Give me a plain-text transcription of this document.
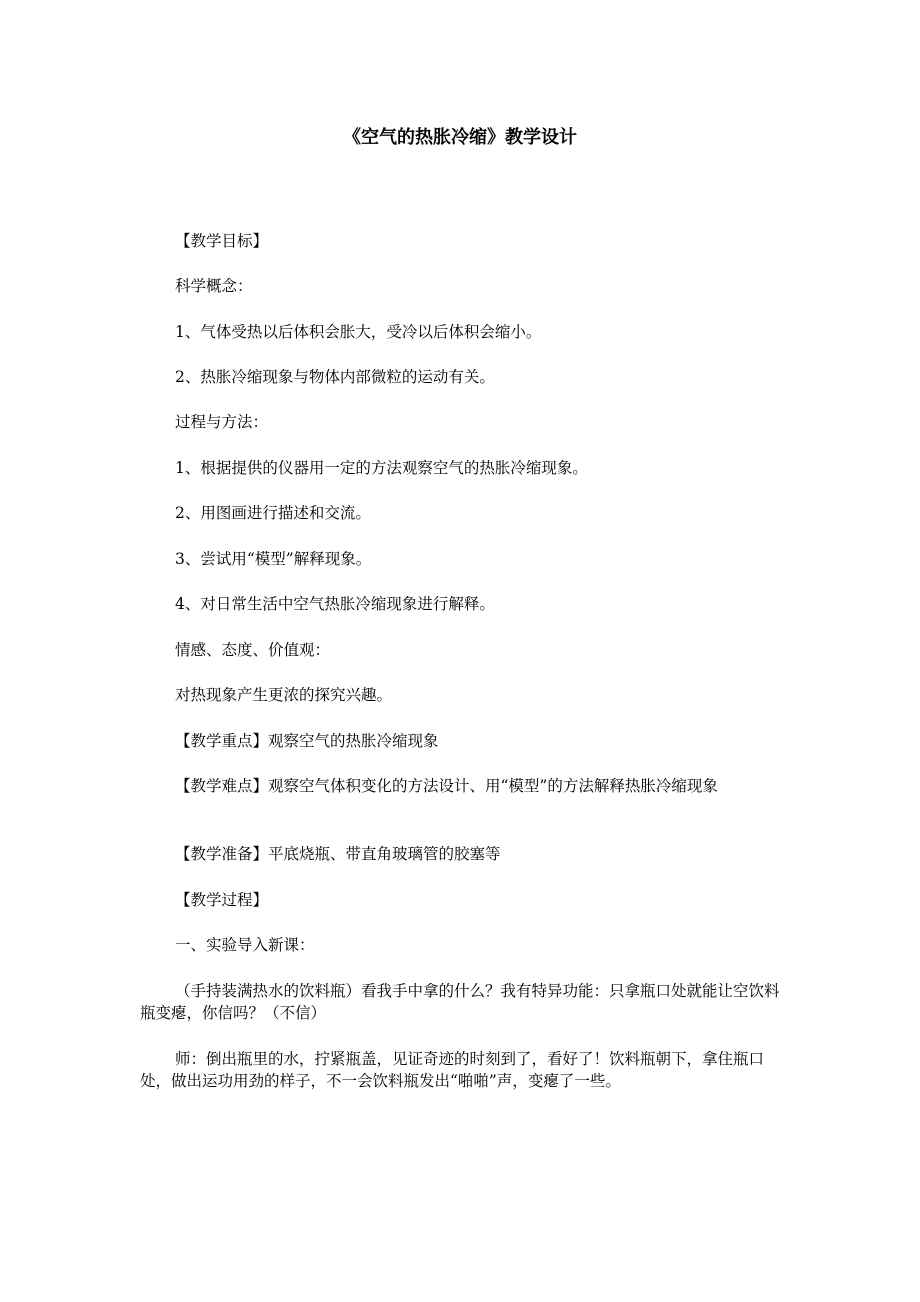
《空气的热胀冷缩》教学设计

【教学目标】

科学概念：

1、气体受热以后体积会胀大，受冷以后体积会缩小。

2、热胀冷缩现象与物体内部微粒的运动有关。

过程与方法：

1、根据提供的仪器用一定的方法观察空气的热胀冷缩现象。

2、用图画进行描述和交流。

3、尝试用“模型”解释现象。

4、对日常生活中空气热胀冷缩现象进行解释。

情感、态度、价值观：

对热现象产生更浓的探究兴趣。

【教学重点】观察空气的热胀冷缩现象

【教学难点】观察空气体积变化的方法设计、用“模型”的方法解释热胀冷缩现象

【教学准备】平底烧瓶、带直角玻璃管的胶塞等

【教学过程】

一、实验导入新课：

（手持装满热水的饮料瓶）看我手中拿的什么？我有特异功能：只拿瓶口处就能让空饮料瓶变瘪，你信吗？（不信）

师：倒出瓶里的水，拧紧瓶盖，见证奇迹的时刻到了，看好了！饮料瓶朝下，拿住瓶口处，做出运功用劲的样子，不一会饮料瓶发出“啪啪”声，变瘪了一些。
